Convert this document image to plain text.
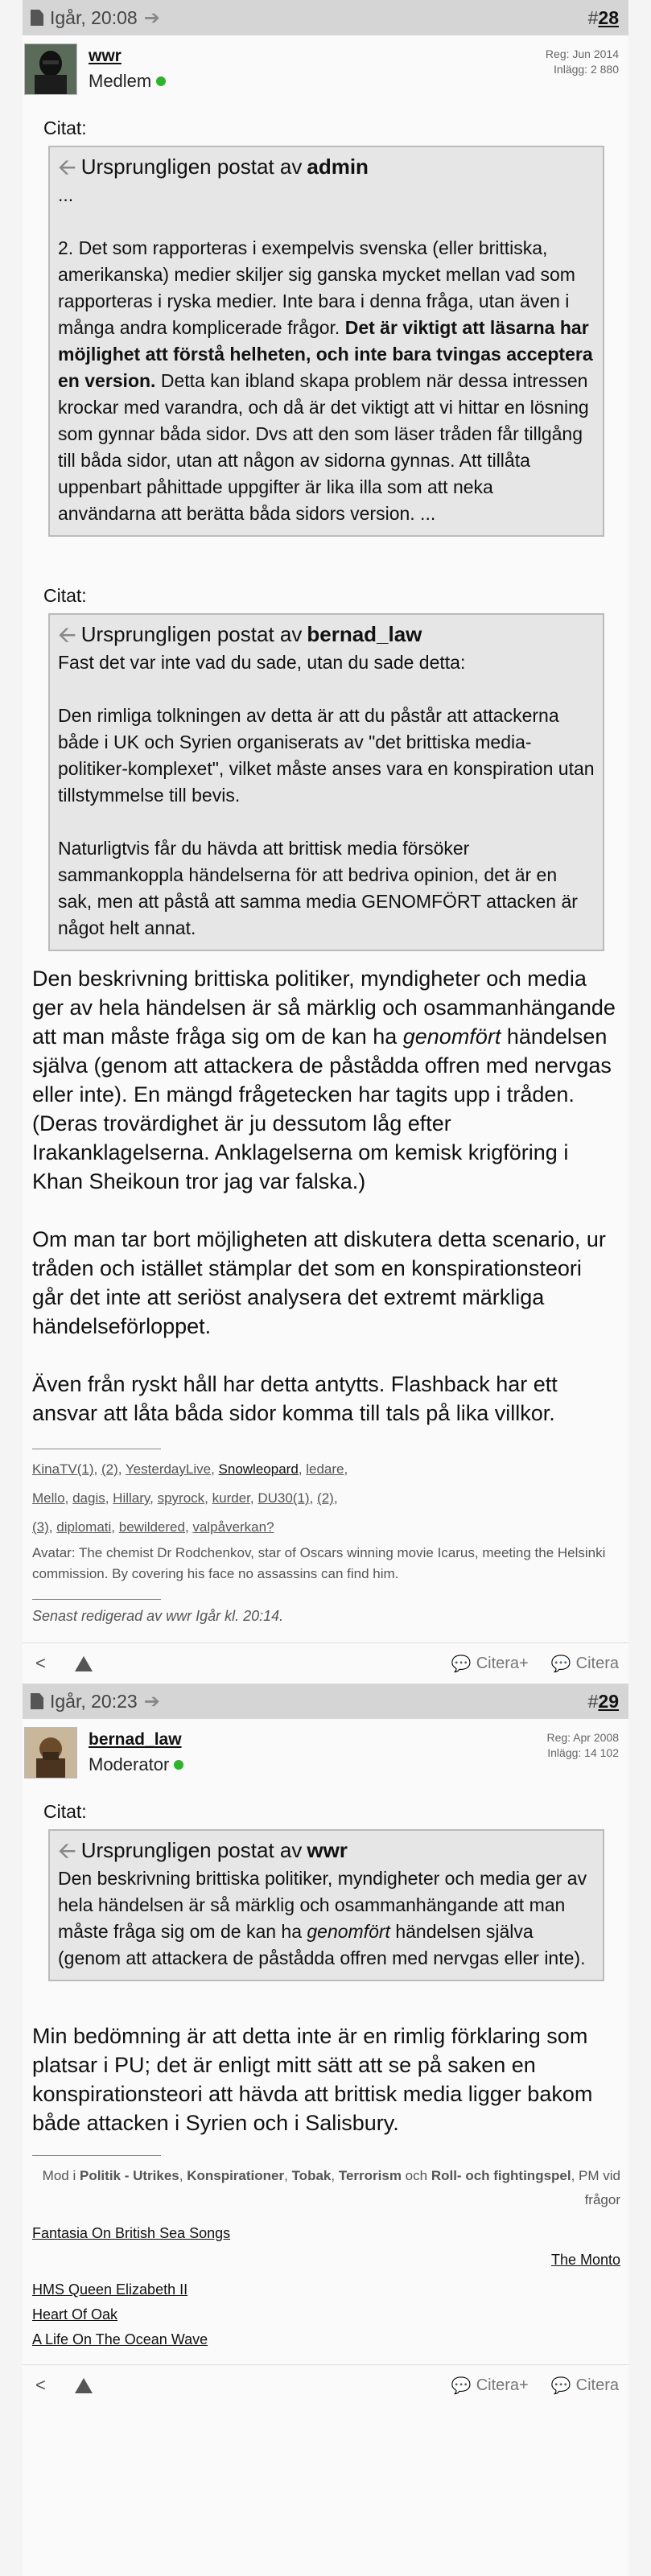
Igår, 20:08 ➔	#28
wwr
Medlem
Reg: Jun 2014
Inlägg: 2 880
Citat:
🡨 Ursprungligen postat av admin

...

2. Det som rapporteras i exempelvis svenska (eller brittiska, amerikanska) medier skiljer sig ganska mycket mellan vad som rapporteras i ryska medier. Inte bara i denna fråga, utan även i många andra komplicerade frågor. Det är viktigt att läsarna har möjlighet att förstå helheten, och inte bara tvingas acceptera en version. Detta kan ibland skapa problem när dessa intressen krockar med varandra, och då är det viktigt att vi hittar en lösning som gynnar båda sidor. Dvs att den som läser tråden får tillgång till båda sidor, utan att någon av sidorna gynnas. Att tillåta uppenbart påhittade uppgifter är lika illa som att neka användarna att berätta båda sidors version. ...

Citat:
🡨 Ursprungligen postat av bernad_law

Fast det var inte vad du sade, utan du sade detta:

Den rimliga tolkningen av detta är att du påstår att attackerna både i UK och Syrien organiserats av "det brittiska media-politiker-komplexet", vilket måste anses vara en konspiration utan tillstymmelse till bevis.

Naturligtvis får du hävda att brittisk media försöker sammankoppla händelserna för att bedriva opinion, det är en sak, men att påstå att samma media GENOMFÖRT attacken är något helt annat.

Den beskrivning brittiska politiker, myndigheter och media ger av hela händelsen är så märklig och osammanhängande att man måste fråga sig om de kan ha genomfört händelsen själva (genom att attackera de påstådda offren med nervgas eller inte). En mängd frågetecken har tagits upp i tråden. (Deras trovärdighet är ju dessutom låg efter Irakanklagelserna. Anklagelserna om kemisk krigföring i Khan Sheikoun tror jag var falska.)

Om man tar bort möjligheten att diskutera detta scenario, ur tråden och istället stämplar det som en konspirationsteori går det inte att seriöst analysera det extremt märkliga händelseförloppet.

Även från ryskt håll har detta antytts. Flashback har ett ansvar att låta båda sidor komma till tals på lika villkor.

KinaTV(1), (2), YesterdayLive, Snowleopard, ledare,
Mello, dagis, Hillary, spyrock, kurder, DU30(1), (2),
(3), diplomati, bewildered, valpåverkan?
Avatar: The chemist Dr Rodchenkov, star of Oscars winning movie Icarus, meeting the Helsinki commission. By covering his face no assassins can find him.
Senast redigerad av wwr Igår kl. 20:14.
<	💬 Citera+ 💬 Citera
Igår, 20:23 ➔	#29
bernad_law
Moderator
Reg: Apr 2008
Inlägg: 14 102
Citat:
🡨 Ursprungligen postat av wwr

Den beskrivning brittiska politiker, myndigheter och media ger av hela händelsen är så märklig och osammanhängande att man måste fråga sig om de kan ha genomfört händelsen själva (genom att attackera de påstådda offren med nervgas eller inte).

Min bedömning är att detta inte är en rimlig förklaring som platsar i PU; det är enligt mitt sätt att se på saken en konspirationsteori att hävda att brittisk media ligger bakom både attacken i Syrien och i Salisbury.

Mod i Politik - Utrikes, Konspirationer, Tobak, Terrorism och Roll- och fightingspel, PM vid frågor
Fantasia On British Sea Songs
The Monto
HMS Queen Elizabeth II
Heart Of Oak
A Life On The Ocean Wave
<	💬 Citera+ 💬 Citera
